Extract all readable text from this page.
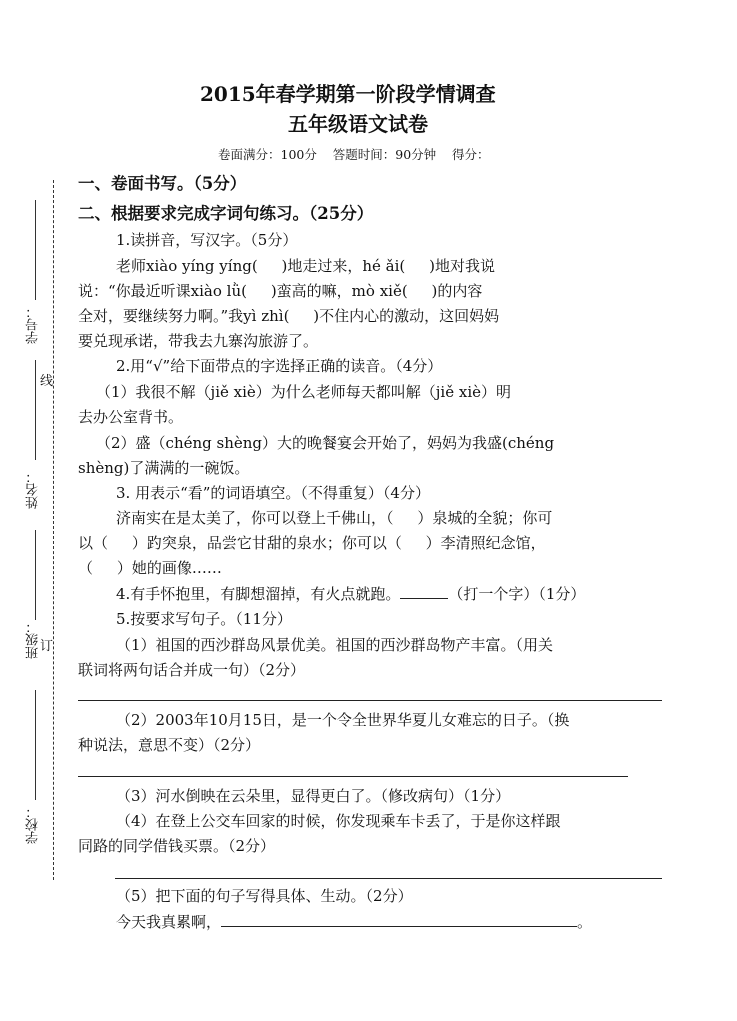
2015年春学期第一阶段学情调查
五年级语文试卷
卷面满分：100分    答题时间：90分钟    得分：
学号：
线
姓名：
班级： 订
学校：
一、卷面书写。（5分）
二、根据要求完成字词句练习。（25分）
1.读拼音，写汉字。（5分）
老师xiào yíng yíng(     )地走过来，hé ǎi(     )地对我说
说：“你最近听课xiào lǜ(     )蛮高的嘛，mò xiě(     )的内容
全对，要继续努力啊。”我yì zhì(     )不住内心的激动，这回妈妈
要兑现承诺，带我去九寨沟旅游了。
2.用“√”给下面带点的字选择正确的读音。（4分）
（1）我很不解（jiě xiè）为什么老师每天都叫解（jiě xiè）明
去办公室背书。
（2）盛（chéng shèng）大的晚餐宴会开始了，妈妈为我盛(chéng
shèng)了满满的一碗饭。
3. 用表示“看”的词语填空。（不得重复）（4分）
济南实在是太美了，你可以登上千佛山，（     ）泉城的全貌；你可
以（     ）趵突泉，品尝它甘甜的泉水；你可以（     ）李清照纪念馆，
（     ）她的画像……
4.有手怀抱里，有脚想溜掉，有火点就跑。	（打一个字）（1分）
5.按要求写句子。（11分）
（1）祖国的西沙群岛风景优美。祖国的西沙群岛物产丰富。（用关
联词将两句话合并成一句）（2分）
（2）2003年10月15日，是一个令全世界华夏儿女难忘的日子。（换
种说法，意思不变）（2分）
（3）河水倒映在云朵里，显得更白了。（修改病句）（1分）
（4）在登上公交车回家的时候，你发现乘车卡丢了，于是你这样跟
同路的同学借钱买票。（2分）
（5）把下面的句子写得具体、生动。（2分）
今天我真累啊，	。
